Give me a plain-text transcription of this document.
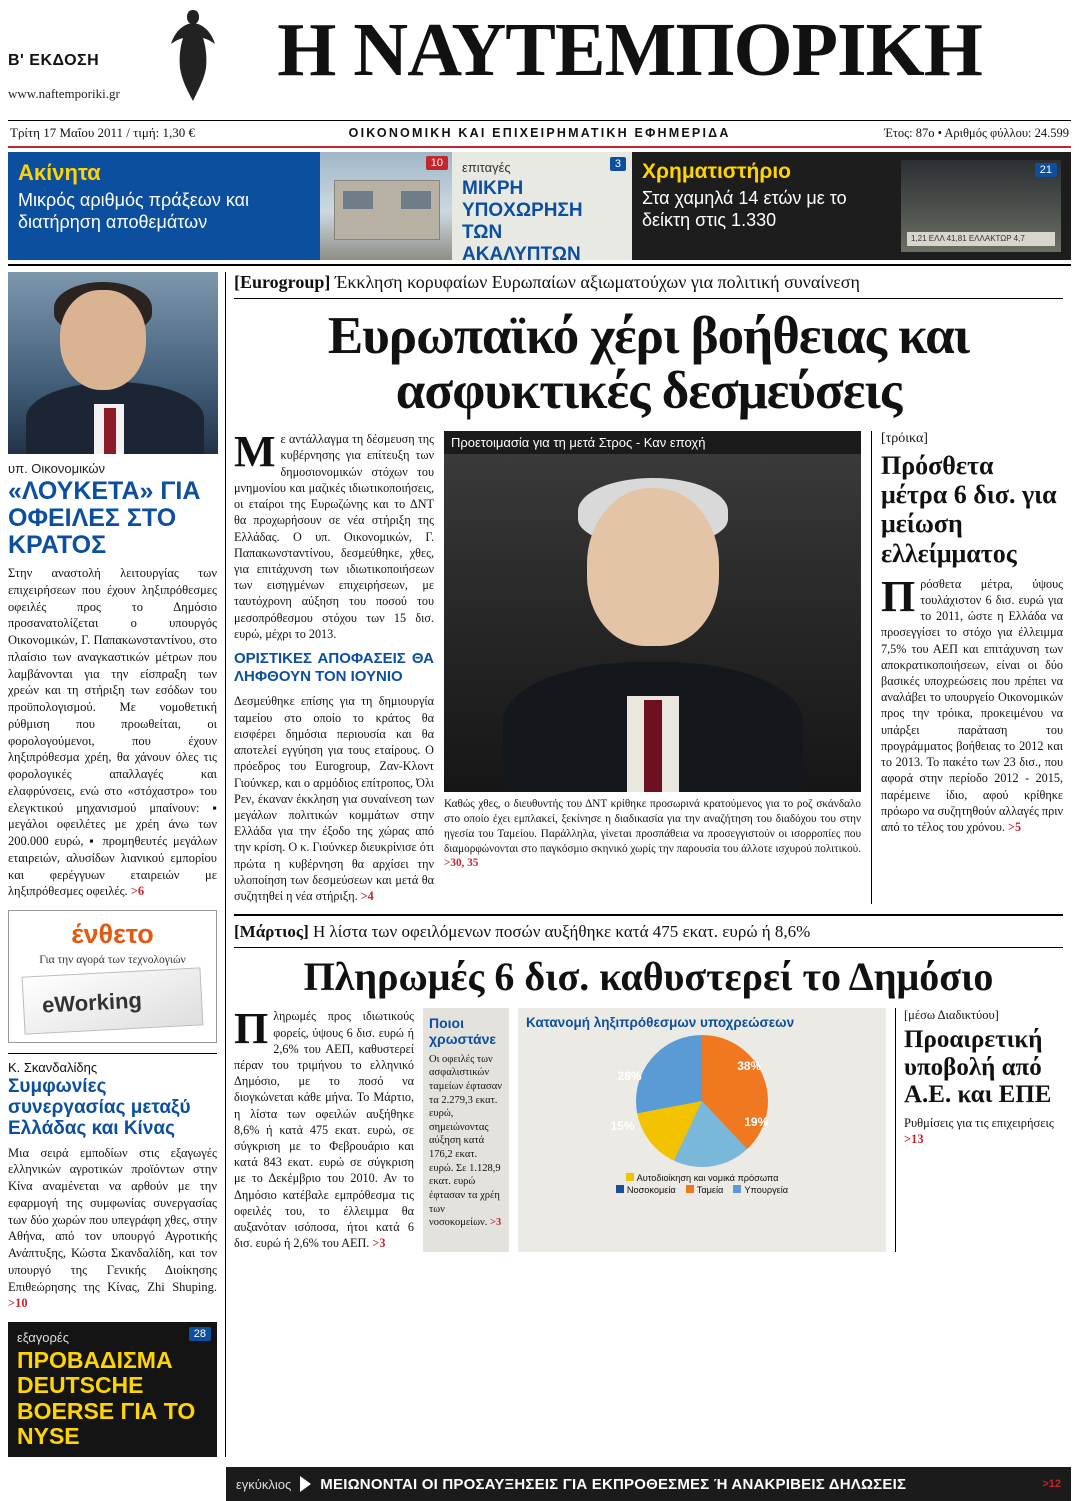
Β' ΕΚΔΟΣΗ
www.naftemporiki.gr
Η ΝΑΥΤΕΜΠΟΡΙΚΗ
Τρίτη 17 Μαΐου 2011 / τιμή: 1,30 €	ΟΙΚΟΝΟΜΙΚΗ ΚΑΙ ΕΠΙΧΕΙΡΗΜΑΤΙΚΗ ΕΦΗΜΕΡΙΔΑ	Έτος: 87ο • Αριθμός φύλλου: 24.599
Ακίνητα
Μικρός αριθμός πράξεων και διατήρηση αποθεμάτων
10	επιταγές
ΜΙΚΡΗ ΥΠΟΧΩΡΗΣΗ ΤΩΝ ΑΚΑΛΥΠΤΩΝ
3 Χρηματιστήριο
Στα χαμηλά 14 ετών με το δείκτη στις 1.330
21
1,21 ΕΛΛ 41,81 ΕΛΛΑΚΤΩΡ 4,7
υπ. Οικονομικών
«ΛΟΥΚΕΤΑ» ΓΙΑ ΟΦΕΙΛΕΣ ΣΤΟ ΚΡΑΤΟΣ
Στην αναστολή λειτουργίας των επιχειρήσεων που έχουν ληξιπρόθεσμες οφειλές προς το Δημόσιο προσανατολίζεται ο υπουργός Οικονομικών, Γ. Παπακωνσταντίνου, στο πλαίσιο των αναγκαστικών μέτρων που λαμβάνονται για την είσπραξη των χρεών και τη στήριξη των εσόδων του προϋπολογισμού. Με νομοθετική ρύθμιση που προωθείται, οι φορολογούμενοι, που έχουν ληξιπρόθεσμα χρέη, θα χάνουν όλες τις φορολογικές απαλλαγές και ελαφρύνσεις, ενώ στο «στόχαστρο» του ελεγκτικού μηχανισμού μπαίνουν: ▪ μεγάλοι οφειλέτες με χρέη άνω των 200.000 ευρώ, ▪ προμηθευτές μεγάλων εταιρειών, αλυσίδων λιανικού εμπορίου και φερέγγυων εταιρειών με ληξιπρόθεσμες οφειλές. >6
ένθετο
Για την αγορά των τεχνολογιών
eWorking
Κ. Σκανδαλίδης
Συμφωνίες συνεργασίας μεταξύ Ελλάδας και Κίνας
Μια σειρά εμποδίων στις εξαγωγές ελληνικών αγροτικών προϊόντων στην Κίνα αναμένεται να αρθούν με την εφαρμογή της συμφωνίας συνεργασίας των δύο χωρών που υπεγράφη χθες, στην Αθήνα, από τον υπουργό Αγροτικής Ανάπτυξης, Κώστα Σκανδαλίδη, και τον υπουργό της Γενικής Διοίκησης Επιθεώρησης της Κίνας, Zhi Shuping. >10
28
εξαγορές
ΠΡΟΒΑΔΙΣΜΑ DEUTSCHE BOERSE ΓΙΑ ΤΟ NYSE
[Eurogroup] Έκκληση κορυφαίων Ευρωπαίων αξιωματούχων για πολιτική συναίνεση
Ευρωπαϊκό χέρι βοήθειας και ασφυκτικές δεσμεύσεις
Με αντάλλαγμα τη δέσμευση της κυβέρνησης για επίτευξη των δημοσιονομικών στόχων του μνημονίου και μαζικές ιδιωτικοποιήσεις, οι εταίροι της Ευρωζώνης και το ΔΝΤ θα προχωρήσουν σε νέα στήριξη της Ελλάδας. Ο υπ. Οικονομικών, Γ. Παπακωνσταντίνου, δεσμεύθηκε, χθες, για επιτάχυνση των ιδιωτικοποιήσεων των εισηγμένων επιχειρήσεων, με ταυτόχρονη αύξηση του ποσού του μεσοπρόθεσμου στόχου των 15 δισ. ευρώ, μέχρι το 2013.
ΟΡΙΣΤΙΚΕΣ ΑΠΟΦΑΣΕΙΣ ΘΑ ΛΗΦΘΟΥΝ ΤΟΝ ΙΟΥΝΙΟ
Δεσμεύθηκε επίσης για τη δημιουργία ταμείου στο οποίο το κράτος θα εισφέρει δημόσια περιουσία και θα αποτελεί εγγύηση για τους εταίρους. Ο πρόεδρος του Eurogroup, Ζαν-Κλοντ Γιούνκερ, και ο αρμόδιος επίτροπος, Όλι Ρεν, έκαναν έκκληση για συναίνεση των μεγάλων πολιτικών κομμάτων στην Ελλάδα για την έξοδο της χώρας από την κρίση. Ο κ. Γιούνκερ διευκρίνισε ότι πρώτα η κυβέρνηση θα αρχίσει την υλοποίηση των δεσμεύσεων και μετά θα συζητηθεί η νέα στήριξη. >4
Προετοιμασία για τη μετά Στρος - Καν εποχή
Καθώς χθες, ο διευθυντής του ΔΝΤ κρίθηκε προσωρινά κρατούμενος για το ροζ σκάνδαλο στο οποίο έχει εμπλακεί, ξεκίνησε η διαδικασία για την αναζήτηση του διαδόχου του στην ηγεσία του Ταμείου. Παράλληλα, γίνεται προσπάθεια να προσεγγιστούν οι ισορροπίες που διαμορφώνονται στο παγκόσμιο σκηνικό χωρίς την παρουσία του άλλοτε ισχυρού πολιτικού. >30, 35
[τρόικα]
Πρόσθετα μέτρα 6 δισ. για μείωση ελλείμματος
Πρόσθετα μέτρα, ύψους τουλάχιστον 6 δισ. ευρώ για το 2011, ώστε η Ελλάδα να προσεγγίσει το στόχο για έλλειμμα 7,5% του ΑΕΠ και επιτάχυνση των αποκρατικοποιήσεων, είναι οι δύο βασικές υποχρεώσεις που πρέπει να αναλάβει το υπουργείο Οικονομικών προς την τρόικα, προκειμένου να υπάρξει παράταση του προγράμματος βοήθειας το 2012 και το 2013. Το πακέτο των 23 δισ., που αφορά στην περίοδο 2012 - 2015, παρέμεινε ίδιο, αφού κρίθηκε πρόωρο να συζητηθούν αλλαγές πριν από το τέλος του χρόνου. >5
[Μάρτιος] Η λίστα των οφειλόμενων ποσών αυξήθηκε κατά 475 εκατ. ευρώ ή 8,6%
Πληρωμές 6 δισ. καθυστερεί το Δημόσιο
Πληρωμές προς ιδιωτικούς φορείς, ύψους 6 δισ. ευρώ ή 2,6% του ΑΕΠ, καθυστερεί πέραν του τριμήνου το ελληνικό Δημόσιο, με το ποσό να διογκώνεται κάθε μήνα. Το Μάρτιο, η λίστα των οφειλών αυξήθηκε 8,6% ή κατά 475 εκατ. ευρώ, σε σύγκριση με το Φεβρουάριο και κατά 843 εκατ. ευρώ σε σύγκριση με το Δεκέμβριο του 2010. Αν το Δημόσιο κατέβαλε εμπρόθεσμα τις οφειλές του, το έλλειμμα θα αυξανόταν ισόποσα, ήτοι κατά 6 δισ. ευρώ ή 2,6% του ΑΕΠ. >3
Ποιοι χρωστάνε
Οι οφειλές των ασφαλιστικών ταμείων έφτασαν τα 2.279,3 εκατ. ευρώ, σημειώνοντας αύξηση κατά 176,2 εκατ. ευρώ. Σε 1.128,9 εκατ. ευρώ έφτασαν τα χρέη των νοσοκομείων. >3
Κατανομή ληξιπρόθεσμων υποχρεώσεων
38%
19%
15%
28%
Αυτοδιοίκηση και νομικά πρόσωπα
Νοσοκομεία	Ταμεία	Υπουργεία
[μέσω Διαδικτύου]
Προαιρετική υποβολή από Α.Ε. και ΕΠΕ
Ρυθμίσεις για τις επιχειρήσεις >13
εγκύκλιος ΜΕΙΩΝΟΝΤΑΙ ΟΙ ΠΡΟΣΑΥΞΗΣΕΙΣ ΓΙΑ ΕΚΠΡΟΘΕΣΜΕΣ Ή ΑΝΑΚΡΙΒΕΙΣ ΔΗΛΩΣΕΙΣ	>12
